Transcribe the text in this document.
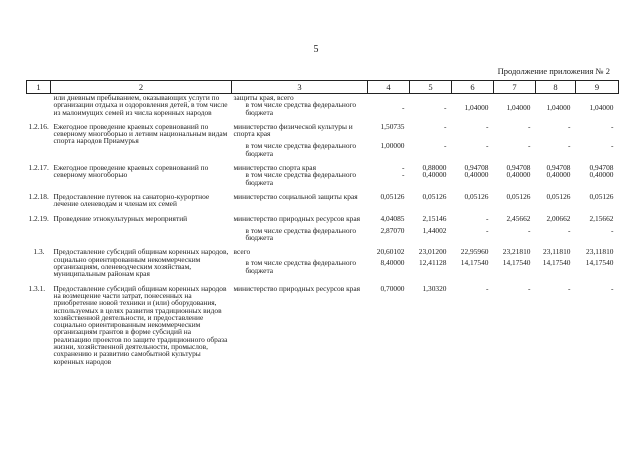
5
Продолжение приложения № 2
1	2	3	4	5	6	7	8	9
	или дневным пребыванием, оказывающих услуги по организации отдыха и оздоровления детей, в том числе из малоимущих семей из числа коренных народов	защиты края, всего						
		в том числе средства федерального бюджета	-	-	1,04000	1,04000	1,04000	1,04000
1.2.16.	Ежегодное проведение краевых соревнований по северному многоборью и летним национальным видам спорта народов Приамурья	министерство физической культуры и спорта края	1,50735	-	-	-	-	-
		в том числе средства федерального бюджета	1,00000	-	-	-	-	-
1.2.17.	Ежегодное проведение краевых соревнований по северному многоборью	министерство спорта края	-	0,88000	0,94708	0,94708	0,94708	0,94708
		в том числе средства федерального бюджета	-	0,40000	0,40000	0,40000	0,40000	0,40000
1.2.18.	Предоставление путевок на санаторно-курортное лечение оленеводам и членам их семей	министерство социальной защиты края	0,05126	0,05126	0,05126	0,05126	0,05126	0,05126
1.2.19.	Проведение этнокультурных мероприятий	министерство природных ресурсов края	4,04085	2,15146	-	2,45662	2,00662	2,15662
		в том числе средства федерального бюджета	2,87070	1,44002	-	-	-	-
1.3.	Предоставление субсидий общинам коренных народов, социально ориентированным некоммерческим организациям, оленеводческим хозяйствам, муниципальным районам края	всего	20,60102	23,01200	22,95960	23,21810	23,11810	23,11810
		в том числе средства федерального бюджета	8,40000	12,41128	14,17540	14,17540	14,17540	14,17540
1.3.1.	Предоставление субсидий общинам коренных народов на возмещение части затрат, понесенных на приобретение новой техники и (или) оборудования, используемых в целях развития традиционных видов хозяйственной деятельности, и предоставление социально ориентированным некоммерческим организациям грантов в форме субсидий на реализацию проектов по защите традиционного образа жизни, хозяйственной деятельности, промыслов, сохранению и развитию самобытной культуры коренных народов	министерство природных ресурсов края	0,70000	1,30320	-	-	-	-
